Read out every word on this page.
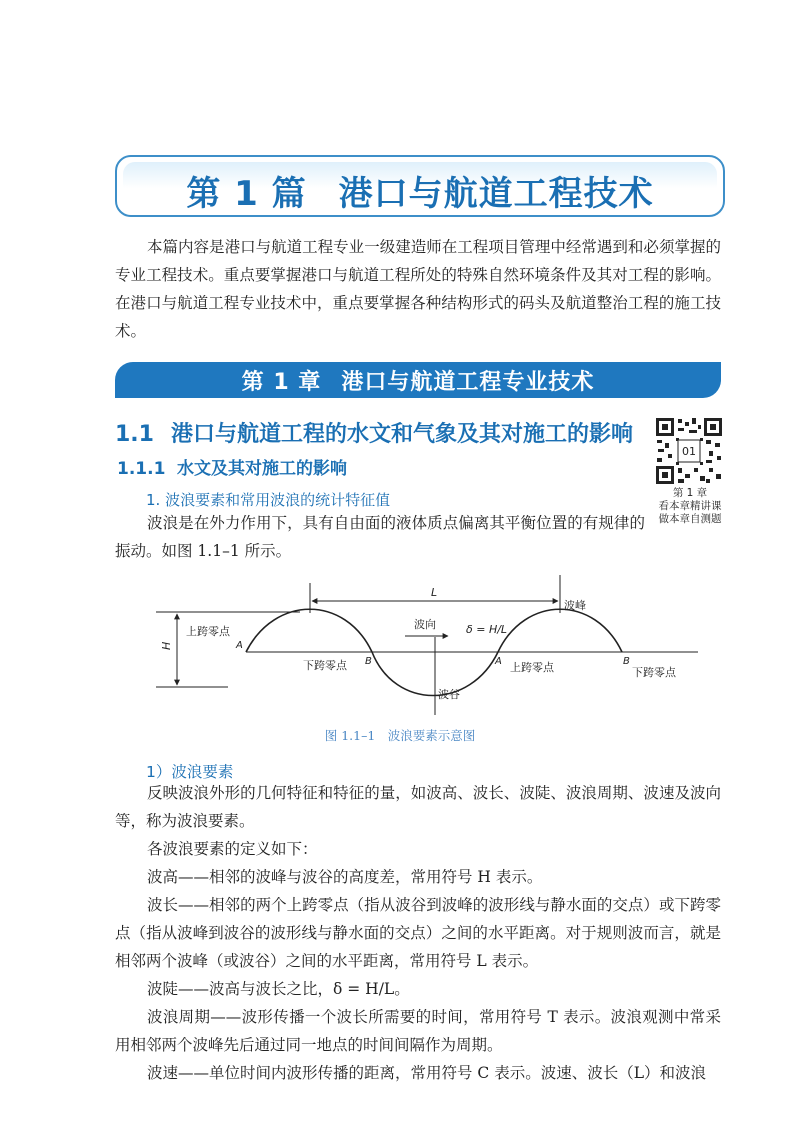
第 1 篇 港口与航道工程技术
本篇内容是港口与航道工程专业一级建造师在工程项目管理中经常遇到和必须掌握的专业工程技术。重点要掌握港口与航道工程所处的特殊自然环境条件及其对工程的影响。在港口与航道工程专业技术中，重点要掌握各种结构形式的码头及航道整治工程的施工技术。
第 1 章 港口与航道工程专业技术
1.1 港口与航道工程的水文和气象及其对施工的影响
1.1.1 水文及其对施工的影响
1. 波浪要素和常用波浪的统计特征值
波浪是在外力作用下，具有自由面的液体质点偏离其平衡位置的有规律的振动。如图 1.1–1 所示。
01
第 1 章
看本章精讲课
做本章自测题
H
L
波向	δ = H/L
波峰
波谷
上跨零点
A
下跨零点 B	A 上跨零点	B
下跨零点
图 1.1–1　波浪要素示意图
1）波浪要素

反映波浪外形的几何特征和特征的量，如波高、波长、波陡、波浪周期、波速及波向等，称为波浪要素。

各波浪要素的定义如下：

波高——相邻的波峰与波谷的高度差，常用符号 H 表示。

波长——相邻的两个上跨零点（指从波谷到波峰的波形线与静水面的交点）或下跨零点（指从波峰到波谷的波形线与静水面的交点）之间的水平距离。对于规则波而言，就是相邻两个波峰（或波谷）之间的水平距离，常用符号 L 表示。

波陡——波高与波长之比，δ = H/L。

波浪周期——波形传播一个波长所需要的时间，常用符号 T 表示。波浪观测中常采用相邻两个波峰先后通过同一地点的时间间隔作为周期。

波速——单位时间内波形传播的距离，常用符号 C 表示。波速、波长（L）和波浪
